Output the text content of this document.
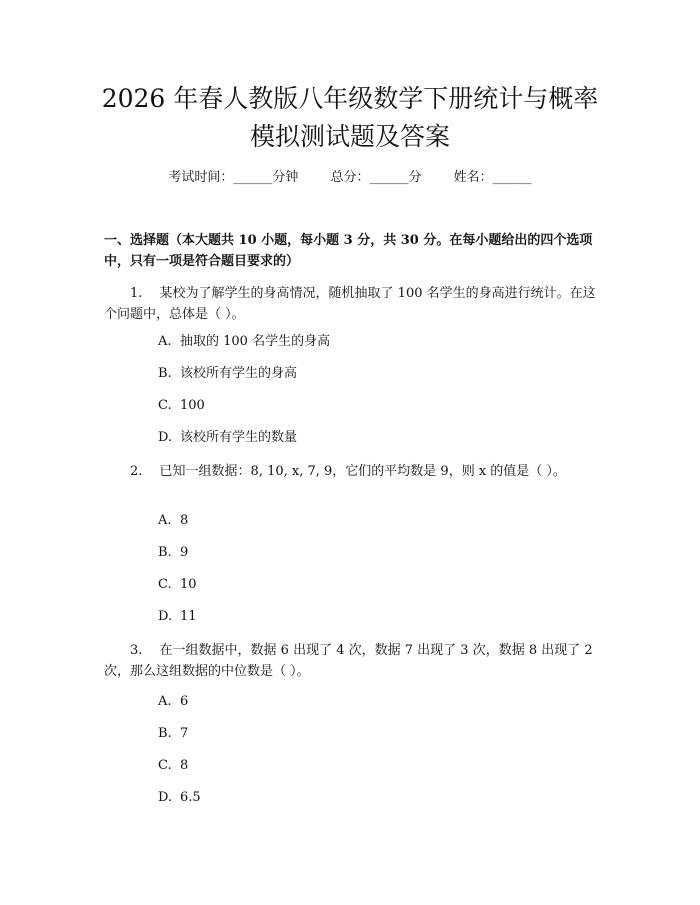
2026 年春人教版八年级数学下册统计与概率
模拟测试题及答案
考试时间：______分钟 总分：______分 姓名：______

一、选择题（本大题共 10 小题，每小题 3 分，共 30 分。在每小题给出的四个选项中，只有一项是符合题目要求的）

1.　 某校为了解学生的身高情况，随机抽取了 100 名学生的身高进行统计。在这个问题中，总体是（ ）。

A. 抽取的 100 名学生的身高
B. 该校所有学生的身高
C. 100
D. 该校所有学生的数量

2.　 已知一组数据：8, 10, x, 7, 9，它们的平均数是 9，则 x 的值是（ ）。

A. 8
B. 9
C. 10
D. 11

3.　 在一组数据中，数据 6 出现了 4 次，数据 7 出现了 3 次，数据 8 出现了 2 次，那么这组数据的中位数是（ ）。

A. 6
B. 7
C. 8
D. 6.5
